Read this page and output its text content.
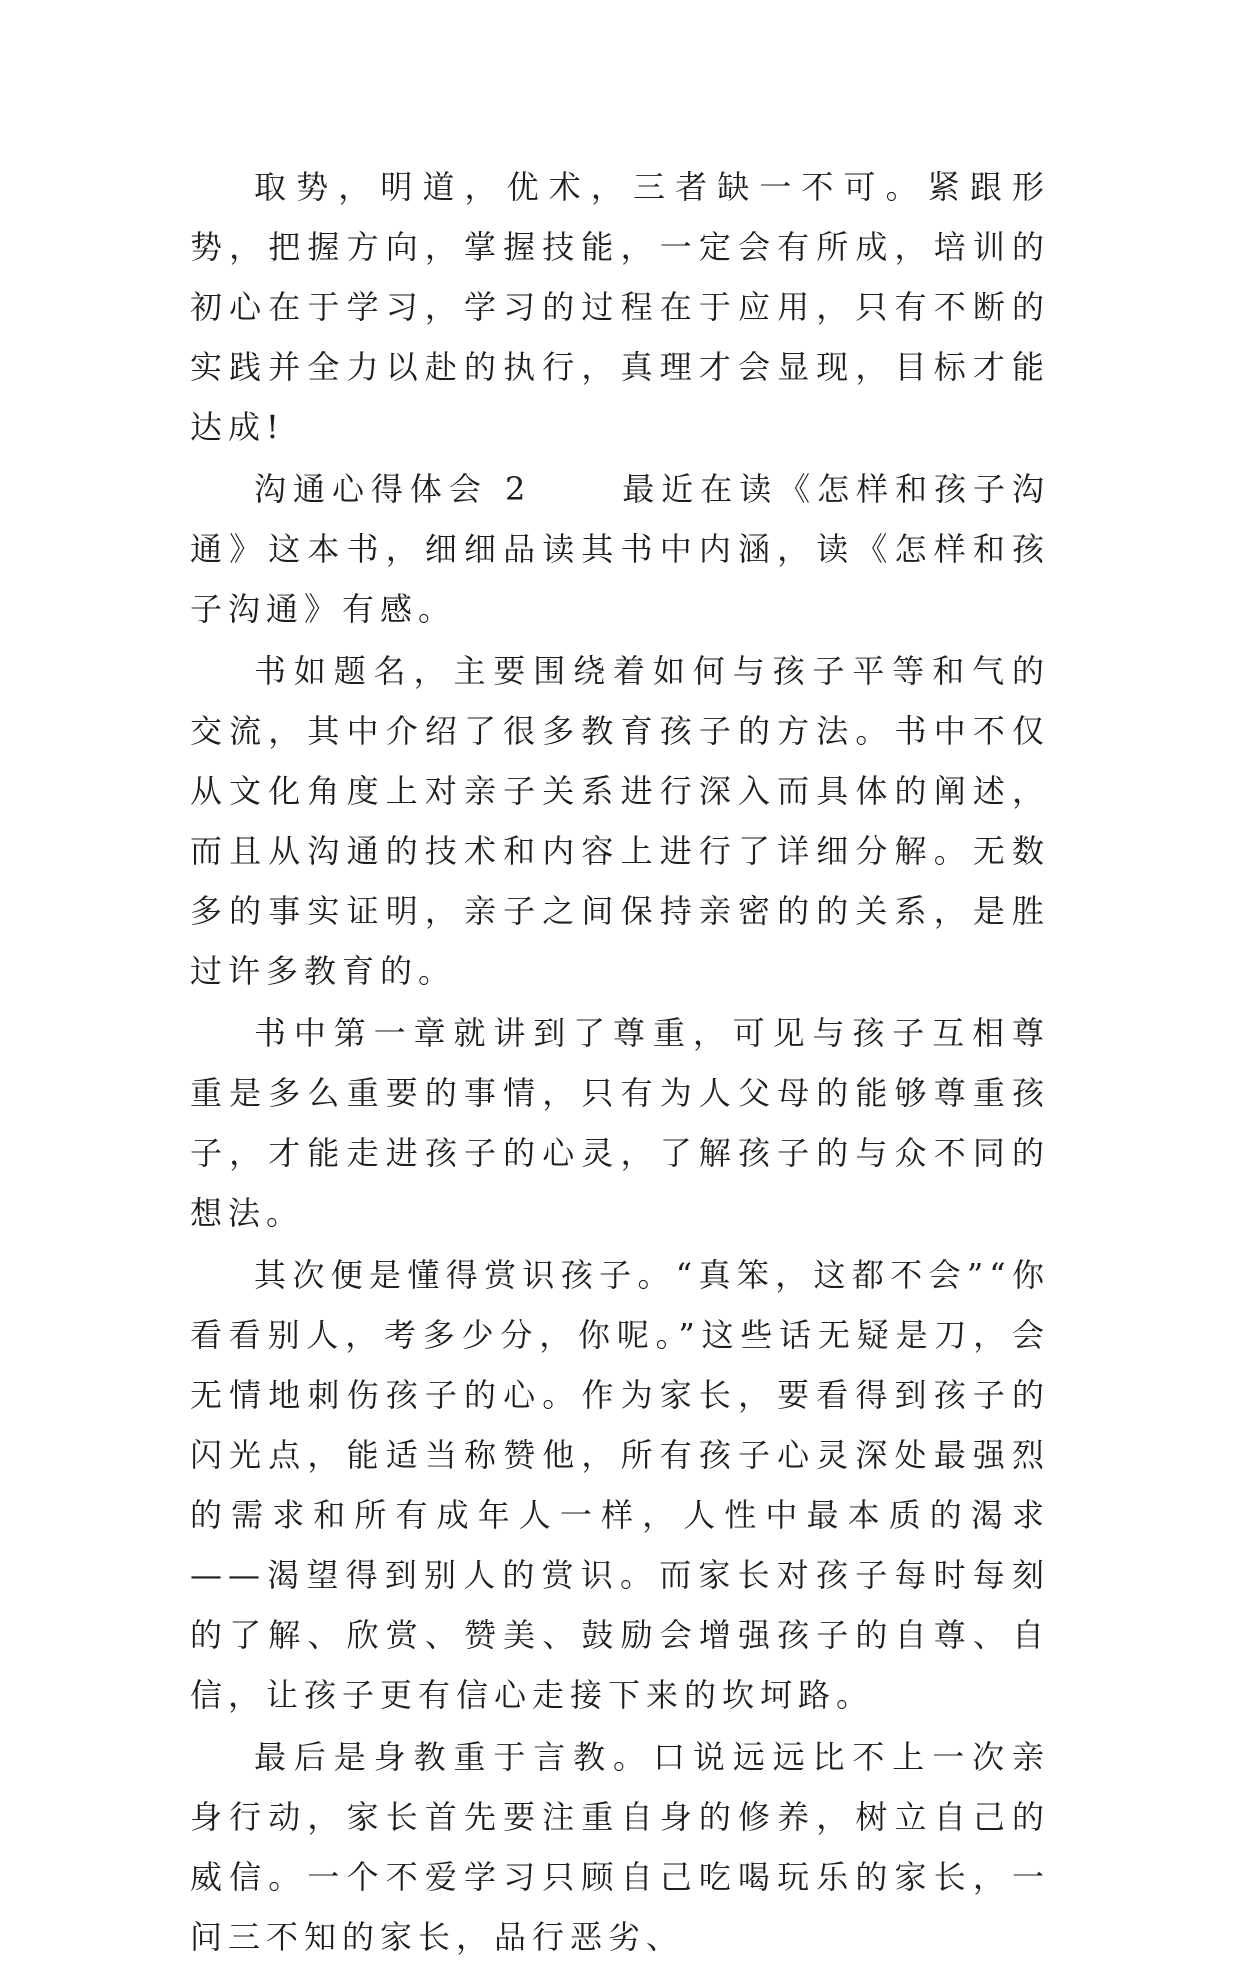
取势，明道，优术，三者缺一不可。紧跟形势，把握方向，掌握技能，一定会有所成，培训的初心在于学习，学习的过程在于应用，只有不断的实践并全力以赴的执行，真理才会显现，目标才能达成!

沟通心得体会 2	最近在读《怎样和孩子沟通》这本书，细细品读其书中内涵，读《怎样和孩子沟通》有感。

书如题名，主要围绕着如何与孩子平等和气的交流，其中介绍了很多教育孩子的方法。书中不仅从文化角度上对亲子关系进行深入而具体的阐述，而且从沟通的技术和内容上进行了详细分解。无数多的事实证明，亲子之间保持亲密的的关系，是胜过许多教育的。

书中第一章就讲到了尊重，可见与孩子互相尊重是多么重要的事情，只有为人父母的能够尊重孩子，才能走进孩子的心灵，了解孩子的与众不同的想法。

其次便是懂得赏识孩子。“真笨，这都不会”“你看看别人，考多少分，你呢。”这些话无疑是刀，会无情地刺伤孩子的心。作为家长，要看得到孩子的闪光点，能适当称赞他，所有孩子心灵深处最强烈的需求和所有成年人一样，人性中最本质的渴求——渴望得到别人的赏识。而家长对孩子每时每刻的了解、欣赏、赞美、鼓励会增强孩子的自尊、自信，让孩子更有信心走接下来的坎坷路。

最后是身教重于言教。口说远远比不上一次亲身行动，家长首先要注重自身的修养，树立自己的威信。一个不爱学习只顾自己吃喝玩乐的家长，一问三不知的家长，品行恶劣、
